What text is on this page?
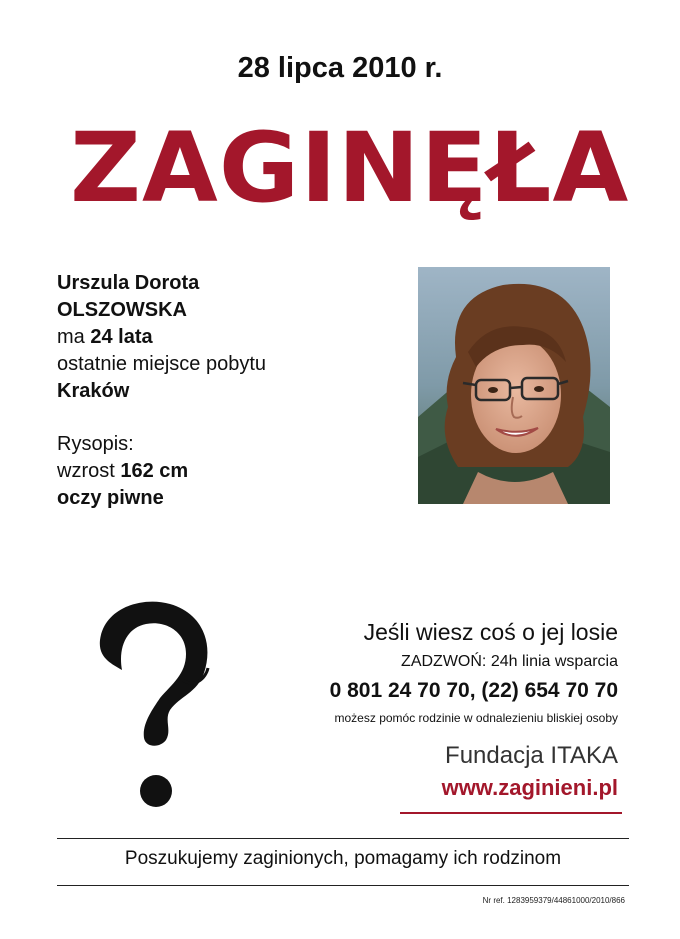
28 lipca 2010 r.
ZAGINĘŁA
Urszula Dorota
OLSZOWSKA
ma 24 lata
ostatnie miejsce pobytu
Kraków
Rysopis:
wzrost 162 cm
oczy piwne
Jeśli wiesz coś o jej losie
ZADZWOŃ: 24h linia wsparcia
0 801 24 70 70, (22) 654 70 70
możesz pomóc rodzinie w odnalezieniu bliskiej osoby
Fundacja ITAKA
www.zaginieni.pl
Poszukujemy zaginionych, pomagamy ich rodzinom
Nr ref. 1283959379/44861000/2010/866
